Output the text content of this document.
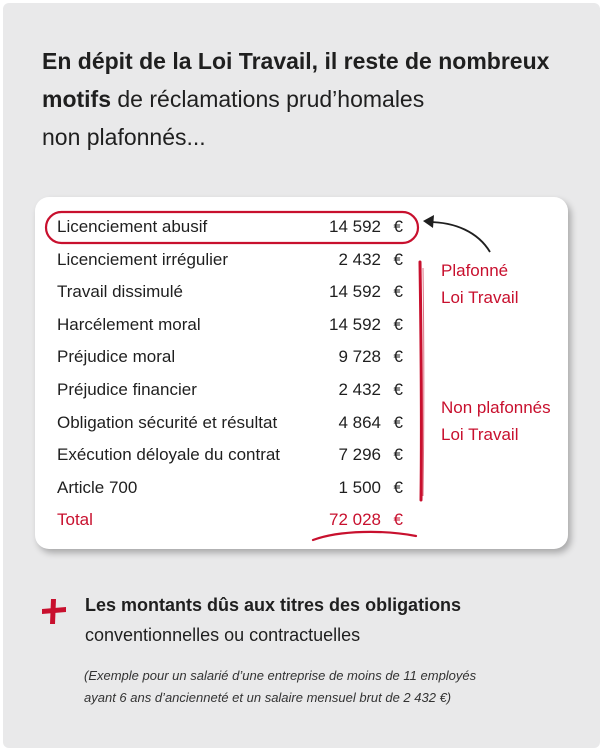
En dépit de la Loi Travail, il reste de nombreux
motifs de réclamations prud’homales
non plafonnés...
Licenciement abusif	14 592 €
Licenciement irrégulier	2 432 €
Travail dissimulé	14 592 €
Harcélement moral	14 592 €
Préjudice moral	9 728 €
Préjudice financier	2 432 €
Obligation sécurité et résultat	4 864 €
Exécution déloyale du contrat	7 296 €
Article 700	1 500 €
Total	72 028 €
Plafonné
Loi Travail
Non plafonnés
Loi Travail
Les montants dûs aux titres des obligations
conventionnelles ou contractuelles
(Exemple pour un salarié d’une entreprise de moins de 11 employés
ayant 6 ans d’ancienneté et un salaire mensuel brut de 2 432 €)
